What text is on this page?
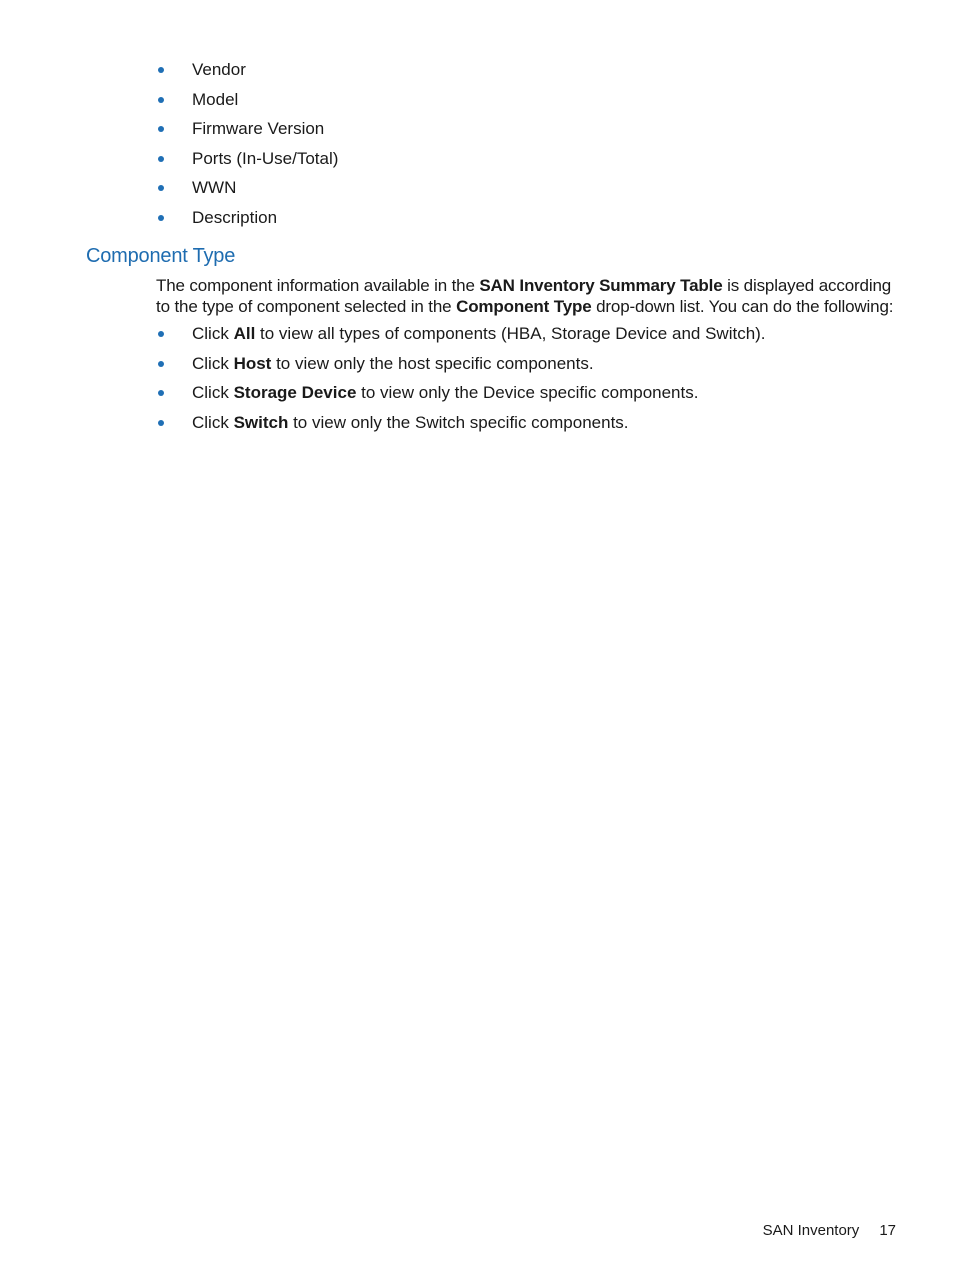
Vendor
Model
Firmware Version
Ports (In-Use/Total)
WWN
Description
Component Type

The component information available in the SAN Inventory Summary Table is displayed according to the type of component selected in the Component Type drop-down list. You can do the following:

Click All to view all types of components (HBA, Storage Device and Switch).
Click Host to view only the host specific components.
Click Storage Device to view only the Device specific components.
Click Switch to view only the Switch specific components.
SAN Inventory 17
